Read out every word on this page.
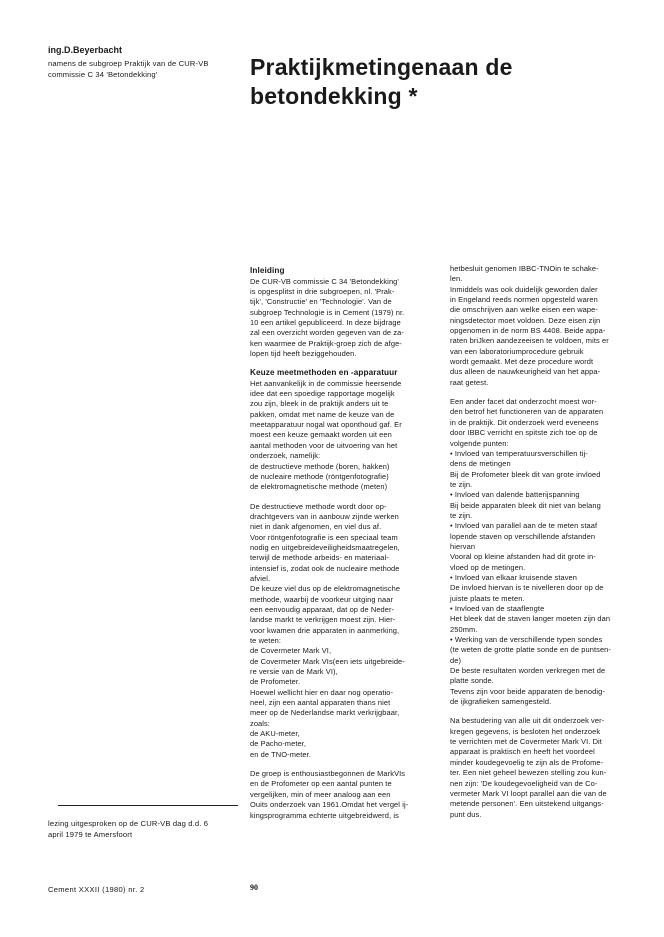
ing.D.Beyerbacht
namens de subgroep Praktijk van de CUR-VB
commissie C 34 'Betondekking'	Praktijkmetingenaan de
betondekking *
Inleiding

De CUR-VB commissie C 34 'Betondekking'

is opgesplitst in drie subgroepen, nl. 'Prak-

tijk', 'Constructie' en 'Technologie'. Van de

subgroep Technologie is in Cement (1979) nr.

10 een artikel gepubliceerd. In deze bijdrage

zal een overzicht worden gegeven van de za-

ken waarmee de Praktijk-groep zich de afge-

lopen tijd heeft beziggehouden.

Keuze meetmethoden en -apparatuur

Het aanvankelijk in de commissie heersende

idee dat een spoedige rapportage mogelijk

zou zijn, bleek in de praktijk anders uit te

pakken, omdat met name de keuze van de

meetapparatuur nogal wat oponthoud gaf. Er

moest een keuze gemaakt worden uit een

aantal methoden voor de uitvoering van het

onderzoek, namelijk:

de destructieve methode (boren, hakken)

de nucleaire methode (röntgenfotografie)

de elektromagnetische methode (meten)

De destructieve methode wordt door op-

drachtgevers van in aanbouw zijnde werken

niet in dank afgenomen, en viel dus af.

Voor röntgenfotografie is een speciaal team

nodig en uitgebreideveiligheidsmaatregelen,

terwijl de methode arbeids- en materiaal-

intensief is, zodat ook de nucleaire methode

afviel.

De keuze viel dus op de elektromagnetische

methode, waarbij de voorkeur uitging naar

een eenvoudig apparaat, dat op de Neder-

landse markt te verkrijgen moest zijn. Hier-

voor kwamen drie apparaten in aanmerking,

te weten:

de Covermeter Mark VI,

de Covermeter Mark VIs(een iets uitgebreide-

re versie van de Mark VI),

de Profometer.

Hoewel wellicht hier en daar nog operatio-

neel, zijn een aantal apparaten thans niet

meer op de Nederlandse markt verkrijgbaar,

zoals:

de AKU-meter,

de Pacho-meter,

en de TNO-meter.

De groep is enthousiastbegonnen de MarkVIs

en de Profometer op een aantal punten te

vergelijken, min of meer analoog aan een

Ouits onderzoek van 1961.Omdat het vergel ij-

kingsprogramma echterte uitgebreidwerd, is

hetbesluit genomen IBBC-TNOin te schake-

len.

Inmiddels was ook duidelijk geworden daler

in Engeland reeds normen opgesteld waren

die omschrijven aan welke eisen een wape-

ningsdetector moet voldoen. Deze eisen zijn

opgenomen in de norm BS 4408. Beide appa-

raten briJken aandezeeisen te voldoen, mits er

van een laboratoriumprocedure gebruik

wordt gemaakt. Met deze procedure wordt

dus alleen de nauwkeurigheid van het appa-

raat getest.

Een ander facet dat onderzocht moest wor-

den betrof het functioneren van de apparaten

in de praktijk. Dit onderzoek werd eveneens

door IBBC verricht en spitste zich toe op de

volgende punten:

• Invloed van temperatuursverschillen tij-

dens de metingen

Bij de Profometer bleek dit van grote invloed

te zijn.

• Invloed van dalende batterijspanning

Bij beide apparaten bleek dit niet van belang

te zijn.

• Invloed van parallel aan de te meten staaf

lopende staven op verschillende afstanden

hiervan

Vooral op kleine afstanden had dit grote in-

vloed op de metingen.

• Invloed van elkaar kruisende staven

De invloed hiervan is te nivelleren door op de

juiste plaats te meten.

• Invloed van de staaflengte

Het bleek dat de staven langer moeten zijn dan

250mm.

• Werking van de verschillende typen sondes

(te weten de grotte platte sonde en de puntsen-

de)

De beste resultaten worden verkregen met de

platte sonde.

Tevens zijn voor beide apparaten de benodig-

de ijkgrafieken samengesteld.

Na bestudering van alle uit dit onderzoek ver-

kregen gegevens, is besloten het onderzoek

te verrichten met de Covermeter Mark VI. Dit

apparaat is praktisch en heeft het voordeel

minder koudegevoelig te zijn als de Profome-

ter. Een niet geheel bewezen stelling zou kun-

nen zijn: 'De koudegevoeligheid van de Co-

vermeter Mark VI loopt parallel aan die van de

metende personen'. Een uitstekend uitgangs-

punt dus.

lezing uitgesproken op de CUR-VB dag d.d. 6
april 1979 te Amersfoort
Cement XXXII (1980) nr. 2	90
